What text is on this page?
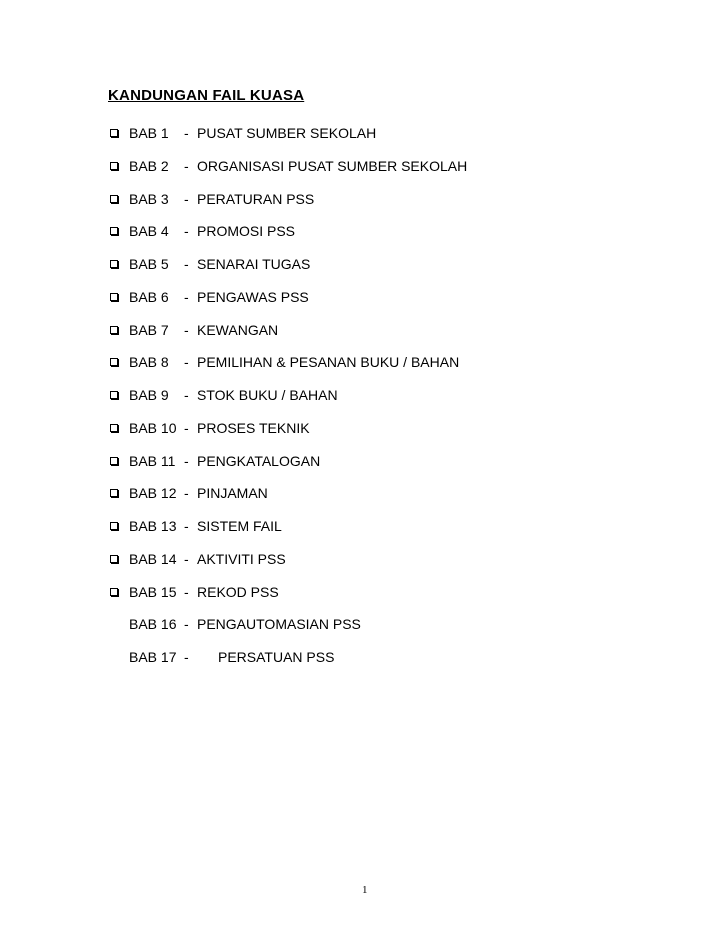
KANDUNGAN FAIL KUASA
BAB 1 - PUSAT SUMBER SEKOLAH
BAB 2 - ORGANISASI PUSAT SUMBER SEKOLAH
BAB 3 - PERATURAN PSS
BAB 4 - PROMOSI PSS
BAB 5 - SENARAI TUGAS
BAB 6 - PENGAWAS PSS
BAB 7 - KEWANGAN
BAB 8 - PEMILIHAN & PESANAN BUKU / BAHAN
BAB 9 - STOK BUKU / BAHAN
BAB 10 - PROSES TEKNIK
BAB 11 - PENGKATALOGAN
BAB 12 - PINJAMAN
BAB 13 - SISTEM FAIL
BAB 14 - AKTIVITI PSS
BAB 15 - REKOD PSS
BAB 16 - PENGAUTOMASIAN PSS
BAB 17 - PERSATUAN PSS
1
